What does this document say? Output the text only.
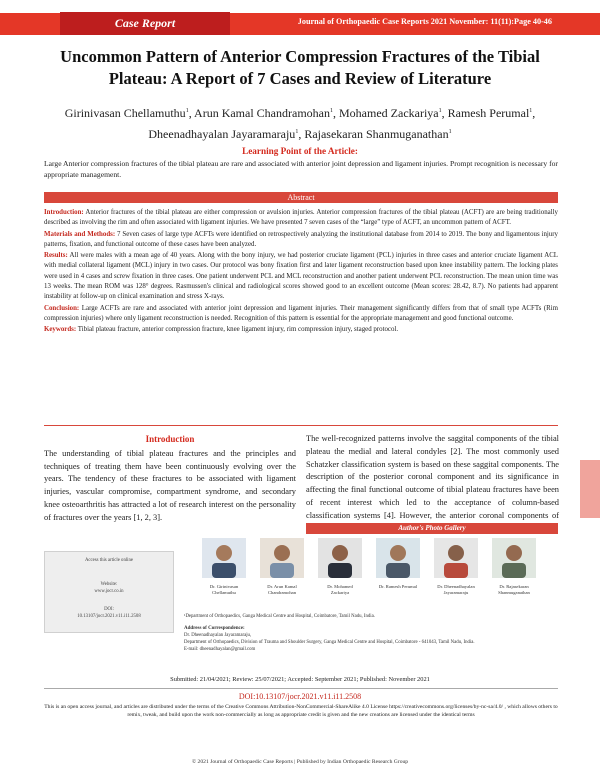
Case Report	Journal of Orthopaedic Case Reports 2021 November: 11(11):Page 40-46
Uncommon Pattern of Anterior Compression Fractures of the Tibial Plateau: A Report of 7 Cases and Review of Literature
Girinivasan Chellamuthu$^1$, Arun Kamal Chandramohan$^1$, Mohamed Zackariya$^1$, Ramesh Perumal$^1$,
Dheenadhayalan Jayaramaraju$^1$, Rajasekaran Shanmuganathan$^1$
Learning Point of the Article:
Large Anterior compression fractures of the tibial plateau are rare and associated with anterior joint depression and ligament injuries. Prompt recognition is necessary for appropriate management.
Abstract

Introduction: Anterior fractures of the tibial plateau are either compression or avulsion injuries. Anterior compression fractures of the tibial plateau (ACFT) are are being traditionally described as involving the rim and often associated with ligament injuries. We have presented 7 seven cases of the “large” type of ACFT, an uncommon pattern of ACFT.

Materials and Methods: 7 Seven cases of large type ACFTs were identified on retrospectively analyzing the institutional database from 2014 to 2019. The bony and ligamentous injury patterns, fixation, and functional outcome of these cases have been analyzed.

Results: All were males with a mean age of 40 years. Along with the bony injury, we had posterior cruciate ligament (PCL) injuries in three cases and anterior cruciate ligament ACL with medial collateral ligament (MCL) injury in two cases. Our protocol was bony fixation first and later ligament reconstruction based upon knee instability pattern. The locking plates were used in 4 cases and screw fixation in three cases. One patient underwent PCL and MCL reconstruction and another patient underwent PCL reconstruction. The mean union time was 13 weeks. The mean ROM was 128° degrees. Rasmussen's clinical and radiological scores showed good to an excellent outcome (Mean scores: 28.42, 8.7). No patients had apparent instability at follow-up on clinical examination and stress X-rays.

Conclusion: Large ACFTs are rare and associated with anterior joint depression and ligament injuries. Their management significantly differs from that of small type ACFTs (Rim compression injuries) where only ligament reconstruction is needed. Recognition of this pattern is essential for the appropriate management and good functional outcome.

Keywords: Tibial plateau fracture, anterior compression fracture, knee ligament injury, rim compression injury, staged protocol.

Introduction
The understanding of tibial plateau fractures and the principles and techniques of treating them have been continuously evolving over the years. The tendency of these fractures to be associated with ligament injuries, vascular compromise, compartment syndrome, and secondary knee osteoarthritis has attracted a lot of research interest on the personality of fractures over the years [1, 2, 3].
The well-recognized patterns involve the saggital components of the tibial plateau the medial and lateral condyles [2]. The most commonly used Schatzker classification system is based on these saggital components. The description of the posterior coronal component and its significance in affecting the final functional outcome of tibial plateau fractures have been of recent interest which led to the acceptance of column-based classification systems [4]. However, the anterior coronal components of
Author's Photo Gallery
Access this article online
Website:
www.jocr.co.in
DOI:
10.13107/jocr.2021.v11.i11.2508
Dr. Girinivasan
Chellamuthu
Dr. Arun Kamal
Chandramohan
Dr. Mohamed Zackariya
Dr. Ramesh Perumal	Dr. Dheenadhayalan
Jayaramaraju
Dr. Rajasekaran
Shanmuganathan
¹Department of Orthopaedics, Ganga Medical Centre and Hospital, Coimbatore, Tamil Nadu, India.
Address of Correspondence:
Dr. Dheenadhayalan Jayaramaraju,
Department of Orthopaedics, Division of Trauma and Shoulder Surgery, Ganga Medical Centre and Hospital, Coimbatore - 641043, Tamil Nadu, India.
E-mail: dheenadhayalan@gmail.com
Submitted: 21/04/2021; Review: 25/07/2021; Accepted: September 2021; Published: November 2021
DOI:10.13107/jocr.2021.v11.i11.2508
This is an open access journal, and articles are distributed under the terms of the Creative Commons Attribution-NonCommercial-ShareAlike 4.0 License https://creativecommons.org/licenses/by-nc-sa/4.0/ , which allows others to remix, tweak, and build upon the work non-commercially as long as appropriate credit is given and the new creations are licensed under the identical terms
© 2021 Journal of Orthopaedic Case Reports | Published by Indian Orthopaedic Research Group
